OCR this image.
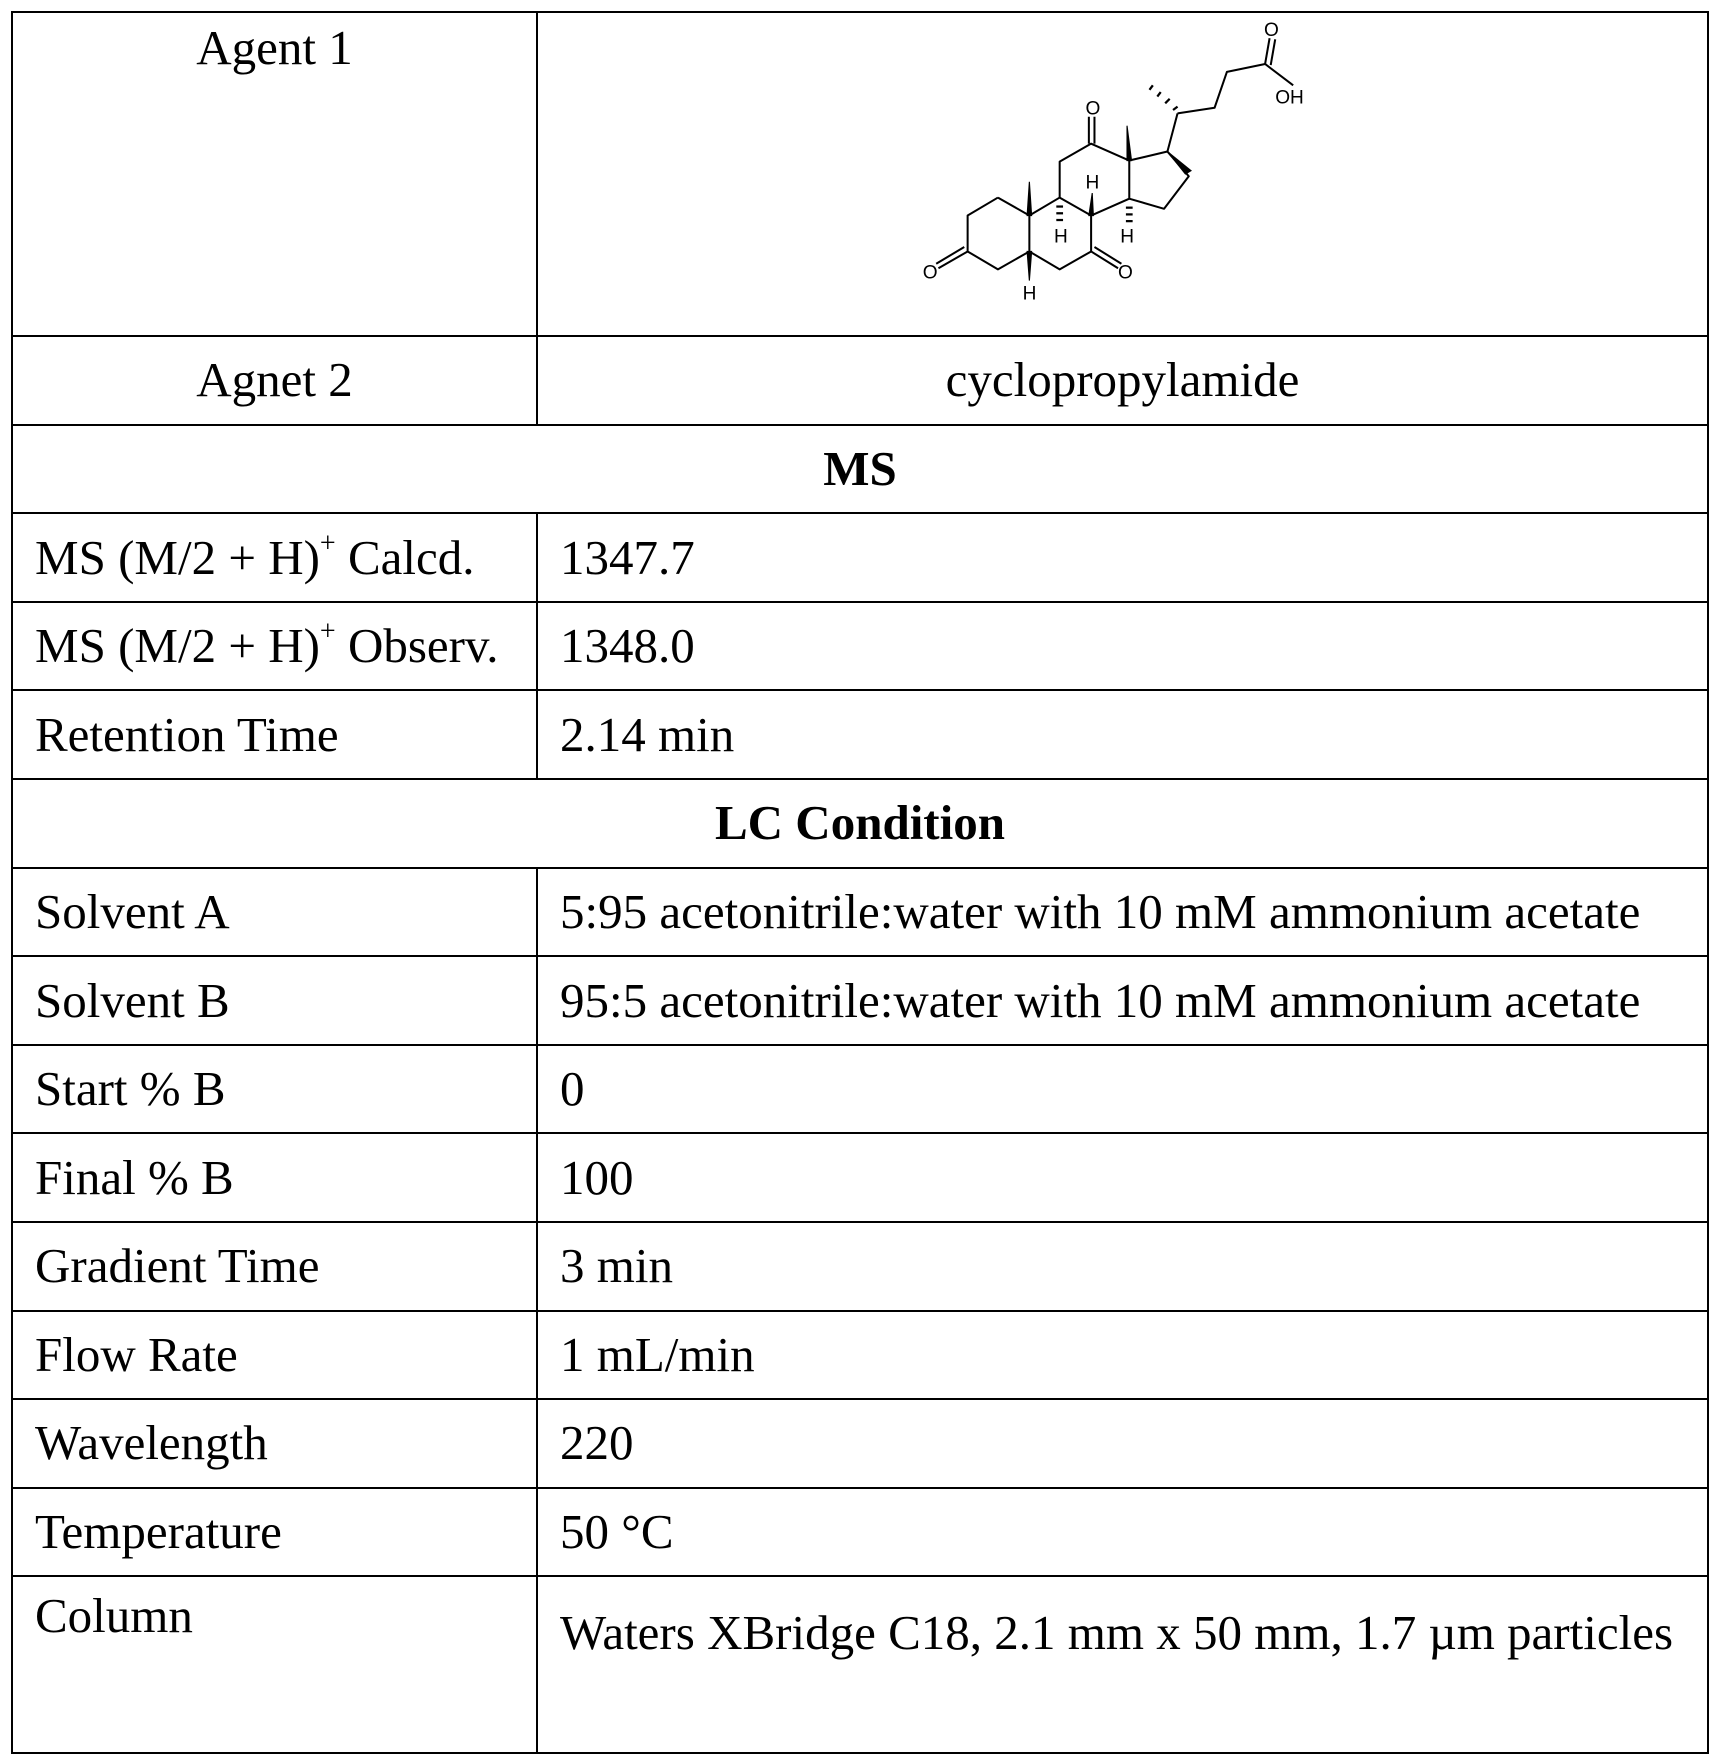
Agent 1	
Agnet 2	cyclopropylamide
MS
MS (M/2 + H)+ Calcd.	1347.7
MS (M/2 + H)+ Observ.	1348.0
Retention Time	2.14 min
LC Condition
Solvent A	5:95 acetonitrile:water with 10 mM ammonium acetate
Solvent B	95:5 acetonitrile:water with 10 mM ammonium acetate
Start % B	0
Final % B	100
Gradient Time	3 min
Flow Rate	1 mL/min
Wavelength	220
Temperature	50 °C
Column	Waters XBridge C18, 2.1 mm x 50 mm, 1.7 µm particles
O
OH
O
H
H	H
O	O
H
